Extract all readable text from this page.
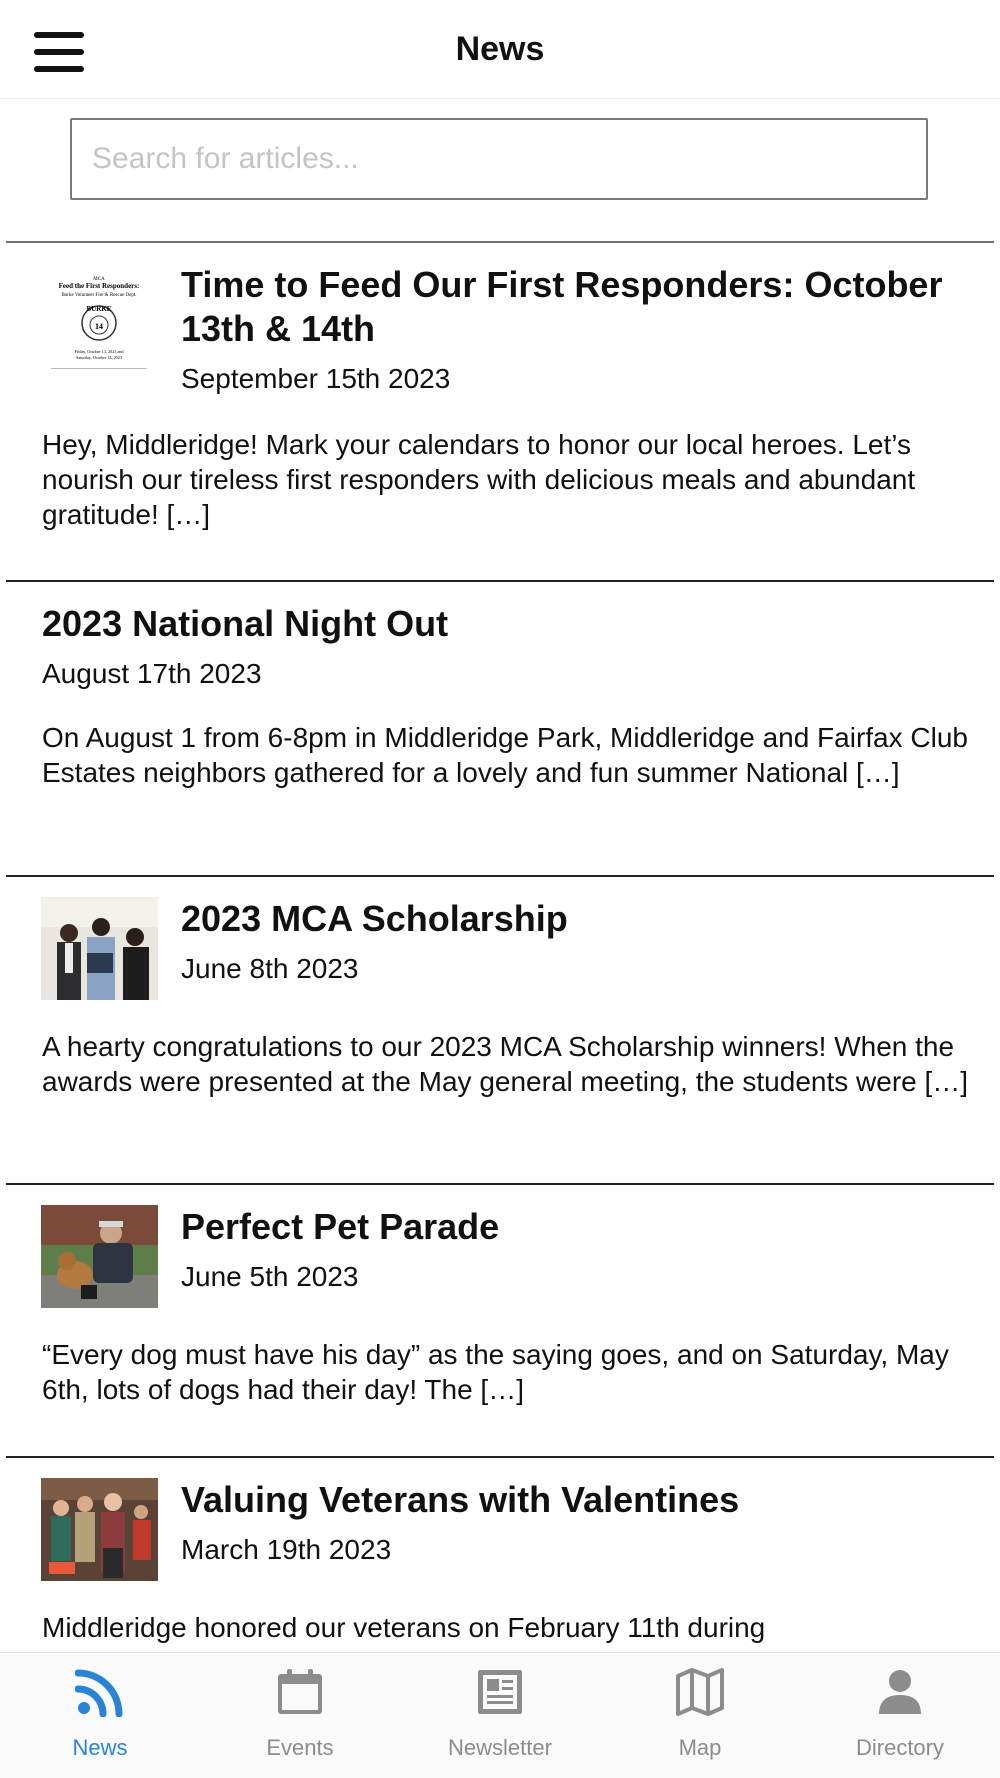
News
Search for articles...
MCA
Feed the First Responders:
Burke Volunteer Fire & Rescue Dept.
BURKE
14
Friday, October 13, 2023 and
Saturday, October 14, 2023
Time to Feed Our First Responders: October 13th & 14th
September 15th 2023
Hey, Middleridge! Mark your calendars to honor our local heroes. Let’s nourish our tireless first responders with delicious meals and abundant gratitude! […]
2023 National Night Out
August 17th 2023
On August 1 from 6-8pm in Middleridge Park, Middleridge and Fairfax Club Estates neighbors gathered for a lovely and fun summer National […]
2023 MCA Scholarship
June 8th 2023
A hearty congratulations to our 2023 MCA Scholarship winners! When the awards were presented at the May general meeting, the students were […]
Perfect Pet Parade
June 5th 2023
“Every dog must have his day” as the saying goes, and on Saturday, May 6th, lots of dogs had their day! The […]
Valuing Veterans with Valentines
March 19th 2023
Middleridge honored our veterans on February 11th during
News	Events	Newsletter	Map	Directory
